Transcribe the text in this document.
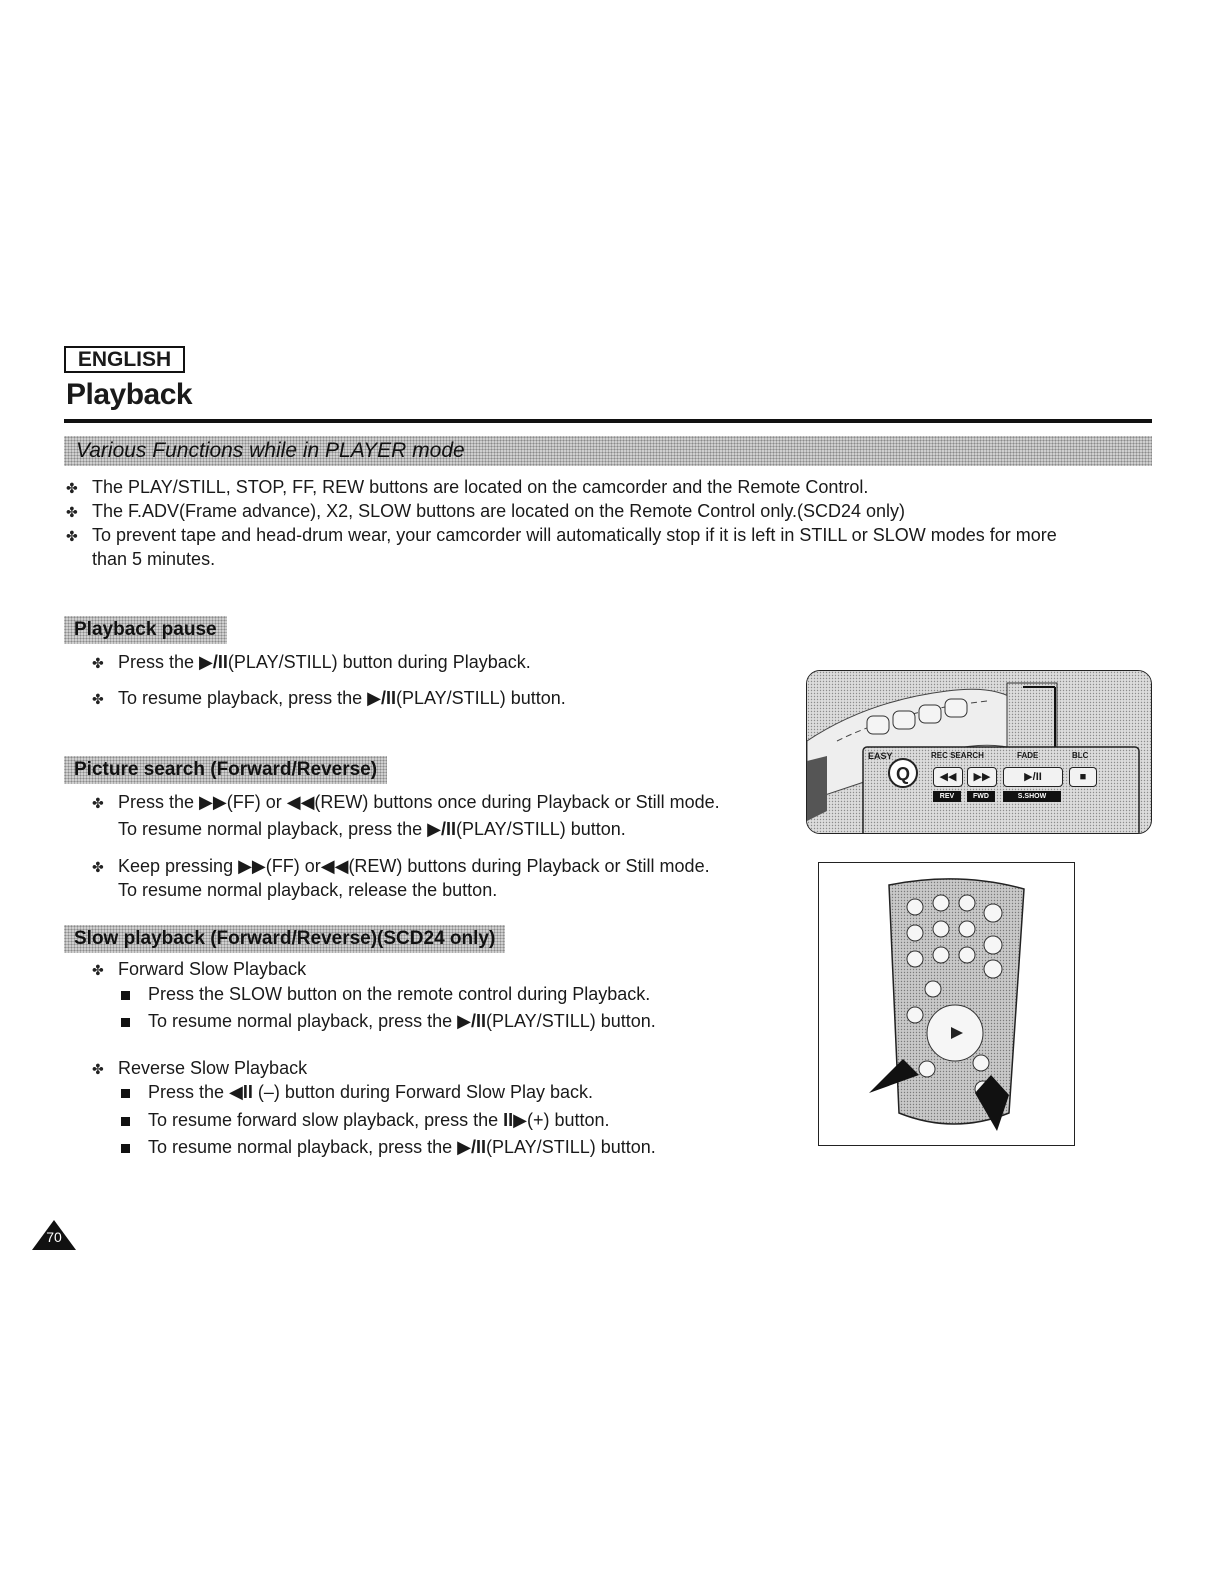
ENGLISH
Playback
Various Functions while in PLAYER mode
✤ The PLAY/STILL, STOP, FF, REW buttons are located on the camcorder and the Remote Control.
✤ The F.ADV(Frame advance), X2, SLOW buttons are located on the Remote Control only.(SCD24 only)
✤ To prevent tape and head-drum wear, your camcorder will automatically stop if it is left in STILL or SLOW modes for more
than 5 minutes.
Playback pause
✤ Press the ▶/II(PLAY/STILL) button during Playback.
✤ To resume playback, press the ▶/II(PLAY/STILL) button.
Picture search (Forward/Reverse)
✤ Press the ▶▶(FF) or ◀◀(REW) buttons once during Playback or Still mode.
To resume normal playback, press the ▶/II(PLAY/STILL) button.
✤ Keep pressing ▶▶(FF) or◀◀(REW) buttons during Playback or Still mode.
To resume normal playback, release the button.
Slow playback (Forward/Reverse)(SCD24 only)
✤ Forward Slow Playback
Press the SLOW button on the remote control during Playback.
To resume normal playback, press the ▶/II(PLAY/STILL) button.
✤ Reverse Slow Playback
Press the ◀II (–) button during Forward Slow Play back.
To resume forward slow playback, press the II▶(+) button.
To resume normal playback, press the ▶/II(PLAY/STILL) button.
Q
EASY	REC SEARCH	FADE	BLC
◀◀	▶▶	▶/II	■
REV	FWD	S.SHOW
70
